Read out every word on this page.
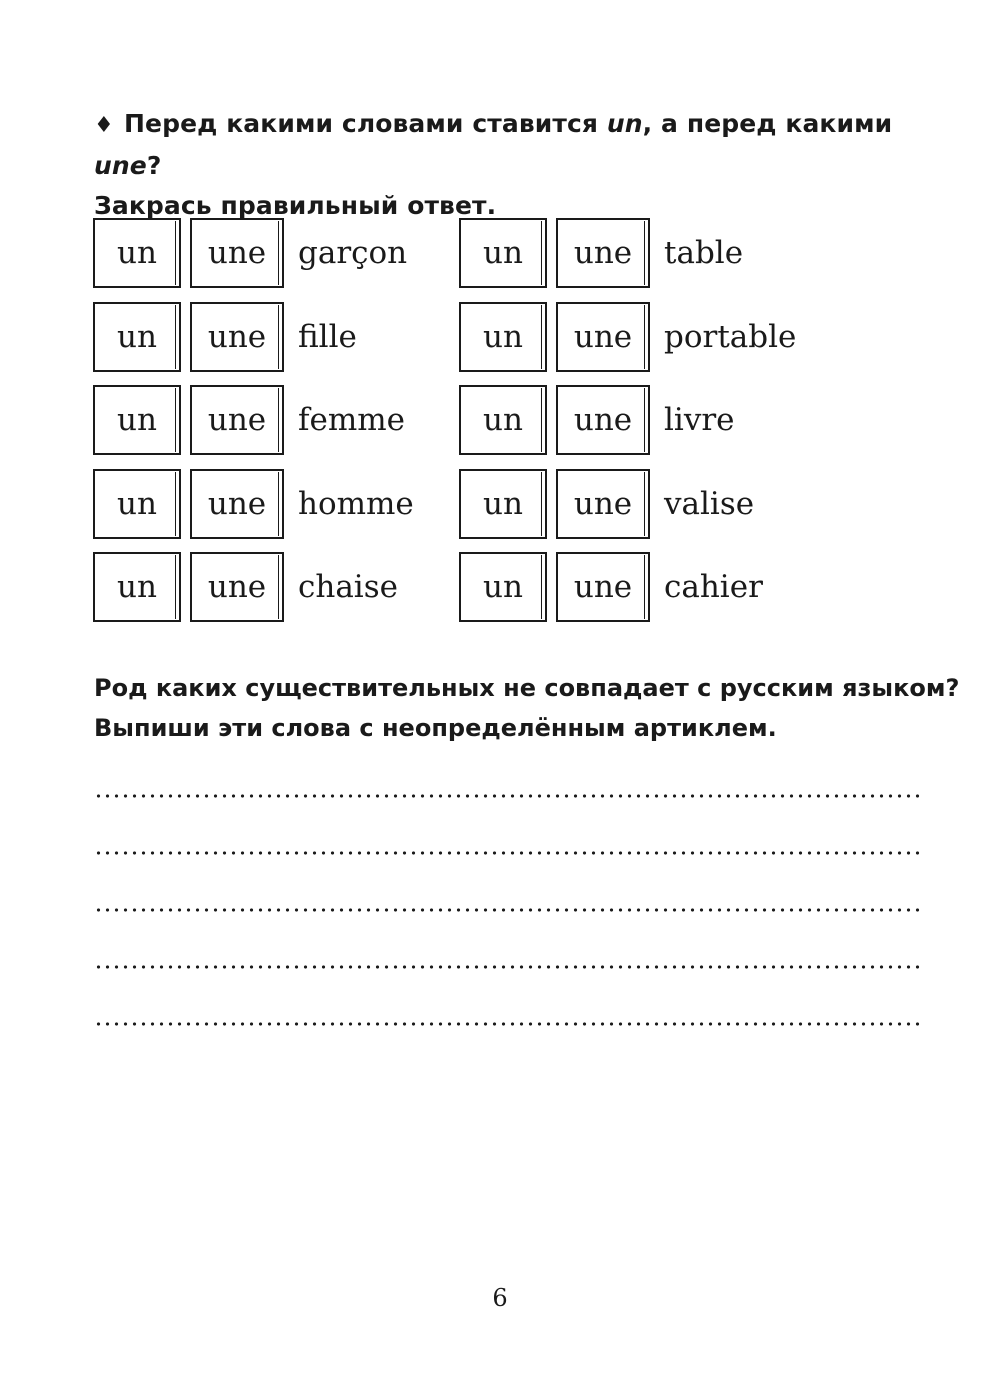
♦ Перед какими словами ставится un, а перед какими une?
Закрась правильный ответ.
un	une	garçon
un	une	fille
un	une	femme
un	une	homme
un	une	chaise
un	une	table
un	une	portable
un	une	livre
un	une	valise
un	une	cahier
Род каких существительных не совпадает с русским языком?
Выпиши эти слова с неопределённым артиклем.
6
